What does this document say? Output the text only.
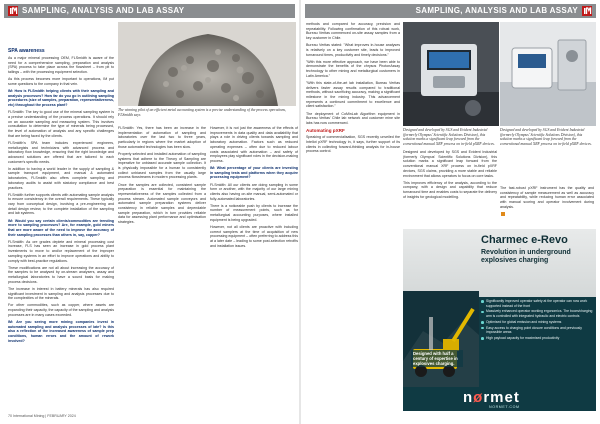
SAMPLING, ANALYSIS AND LAB ASSAY	SAMPLING, ANALYSIS AND LAB ASSAY
SPA awareness

As a major mineral processing OEM, FLSmidth is aware of the need for a comprehensive sampling, preparation and analysis (SPA) process to take place across the flowsheet – from pit to tailings – with the processing equipment selection.

As this process becomes more important to operations, IM put some questions to the company in that vein.

IM: How is FLSmidth helping clients with their sampling and analysis processes? How far do you go in outlining sampling procedures (size of samples, preparation, representativeness, etc) throughout the process plant?

FLSmidth: The key to good use of the mineral sampling system is a precise understanding of the process operations. It should rely on an accurate sampling and measuring system. This involves consultation to determine the type of minerals being processed, the level of automation of analysis and any specific challenges that are being faced by the clients.

FLSmidth's SPA team includes experienced engineers, metallurgists and technicians with advanced process and laboratory flow knowledge, ensuring that the right knowledge and advanced solutions are offered that are tailored to each customer's specific needs.

In addition to having a world leader in the supply of sampling & sample transport equipment, and manual & automated laboratories, FLSmidth also offers complete sampling and laboratory audits to assist with statutory compliance and best practices.

FLSmidth further supports clients with automating sample analysis to ensure consistency in the overall requirements. These typically vary from conceptual design, involving a pre-engineering and detail design review, to the complete installation of the sampling and lab systems.

IM: Would you say certain clients/commodities are trending more to sampling processes? Are, for example, gold miners that are more aware of the need to improve the accuracy of their sampling processes than others in, say, copper?

FLSmidth: As ore grades deplete and mineral processing cost increase, FLS has seen an increase in gold process plant investments to move to and/or replacement of the improper sampling systems in an effort to improve operations and ability to comply with best-practice regulations.

These modifications are not all about increasing the accuracy of the samples to be analysed by on-stream analysers, assay and metallurgical laboratories to have a sound basis for making process decisions.

The increase in interest in battery minerals has also required significant investment in sampling and analysis processes due to the complexities of the minerals.

For other commodities, such as copper, where assets are expanding their capacity, the capacity of the sampling and analysis processes are in many cases exceeded.

IM: Are you seeing more mining companies invest in automated sampling and analysis processes of late? Is this also a reflection of the increased awareness of sample prep conditions, human errors and the amount of rework involved?

The winning pilot of an efficient metal accounting system is a precise understanding of the process operations, FLSmidth says

FLSmidth: Yes, there has been an increase in the implementation of automation of sampling and laboratories over the last two to three years, particularly in regions where the market adoption of those automated technologies has been slow.

Properly selected and installed automation of sampling systems that adhere to the Theory of Sampling are imperative for unbiased accurate sample collection. It is physically impossible for a human to consistently collect unbiased samples from the usually large process flowstreams in modern processing plants.

Once the samples are collected, consistent sample preparation is essential for maintaining the representativeness of the samples collected from a process stream. Automated sample conveyors and automated sample preparation systems deliver consistency in reliable samples and dependable sample preparation, which in turn provides reliable data for assessing plant performance and optimisation strategies.

However, it is not just the awareness of the effects of improvements in data quality and data availability that plays a role in driving clients towards sampling and laboratory automation. Factors such as reduced operating expenses – often due to reduced labour costs associated with automation – and safety of employees play significant roles in the decision-making process.

IM: What percentage of your clients are investing in sampling tests and platforms when they acquire processing equipment?

FLSmidth: All our clients are doing sampling in some form or another, with the majority of our large mining clients also having on-site manual, semi-automated or fully-automated laboratories.

There is a noticeable push by clients to increase the number of measurement points, such as for metallurgical accounting purposes, where installed equipment is being upgraded.

However, not all clients are proactive with including correct samplers at the time of acquisition of new processing equipment – often preferring to address this at a later date – leading to some post-selection retrofits and installation issues.

methods and compared for accuracy, precision and repeatability. Following confirmation of this robust work, Bureau Veritas commenced on-site assay samples from a key customer in Chile.

Bureau Veritas stated: "What improves in-house analyses is relatively on a key customer site, leads to improved turnaround times, productivity and timely decisions."

"With this more effective approach, we have been able to demonstrate the benefits of the chrysos PhotonAssay technology to other mining and metallurgical customers in Latin America."

"With this state-of-the-art lab installation, Bureau Veritas delivers faster assay results compared to traditional methods, without sacrificing accuracy, making a significant milestone in the mining industry. This advancement represents a continued commitment to excellence and client satisfaction."

The deployment of CoMinLab Algorithm equipment in Bureau Veritas' Chile lab network and customer mine site labs has now commenced.

Automating pXRF

Speaking of commercialisation, SGS recently unveiled the Intellot pXRF technology in, it says, further support of its clients in collecting forward-thinking analysis for in-house process control.

Designed and developed by SGS and Evident Industrial (formerly Olympus' Scientific Solutions Division), this solution marks a significant leap forward from the conventional manual XRF process on in-field pXRF devices.
Designed and developed by SGS and Evident Industrial (formerly Olympus' Scientific Solutions Division), this solution marks a significant leap forward from the conventional manual XRF process on in-field pXRF devices.

Designed and developed by SGS and Evident Industrial (formerly Olympus' Scientific Solutions Division), this solution marks a significant leap forward from the conventional manual XRF process on in-field pXRF devices, SGS claims, providing a more stable and reliable environment that allows operators to focus on core tasks.

This improves efficiency of the analysis, according to the company, with a design and capability that reduce turnaround time and enables costs to separate the delivery of insights for geological modelling.

The fast-robust pXRF instrument has the quality and consistency of sample measurement as well as accuracy and repeatability, while reducing human error associated with manual scoring and operator involvement during analysis.

Charmec e-Revo
Revolution in underground explosives charging
Significantly improved operator safety at the operator can now work supported instead of the front
Massively enhanced operator working ergonomics. The boom/charging arm is controlled with integrated hydraulic and electric controls
Optimised for global emission and mining systems
Easy access to charging point closure conditions and previously impossible areas
High payload capacity for maximised productivity
Designed with half a century of expertise in explosives charging.
nørmet
NORMET.COM
70 International Mining | FEBRUARY 2024
